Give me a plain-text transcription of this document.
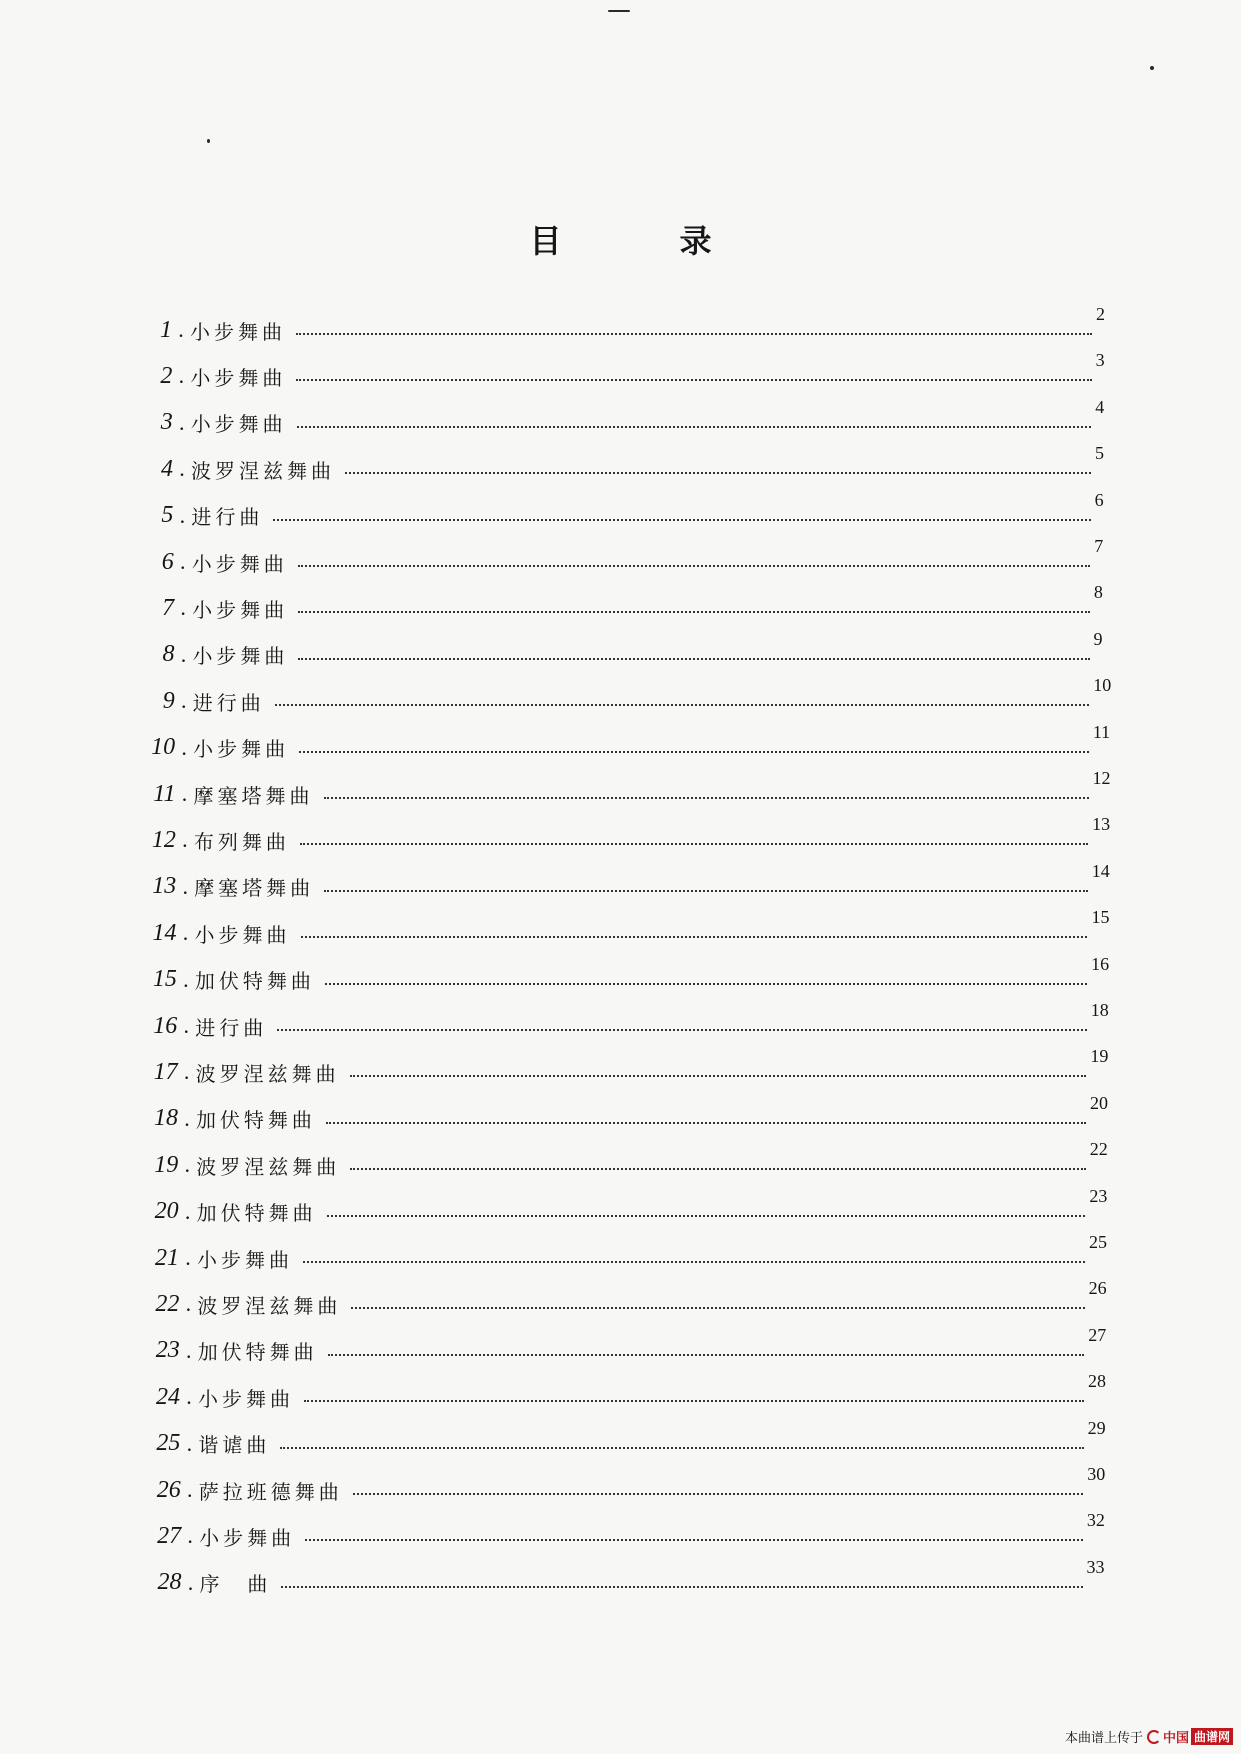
目	录
1 . 小步舞曲
2
2 . 小步舞曲
3
3 . 小步舞曲
4
4 . 波罗涅兹舞曲
5
5 . 进行曲
6
6 . 小步舞曲
7
7 . 小步舞曲
8
8 . 小步舞曲
9
9 . 进行曲
10
10 . 小步舞曲
11
11 . 摩塞塔舞曲
12
12 . 布列舞曲
13
13 . 摩塞塔舞曲
14
14 . 小步舞曲
15
15 . 加伏特舞曲
16
16 . 进行曲
18
17 . 波罗涅兹舞曲
19
18 . 加伏特舞曲
20
19 . 波罗涅兹舞曲
22
20 . 加伏特舞曲
23
21 . 小步舞曲
25
22 . 波罗涅兹舞曲
26
23 . 加伏特舞曲
27
24 . 小步舞曲
28
25 . 谐谑曲
29
26 . 萨拉班德舞曲
30
27 . 小步舞曲
32
28 . 序　曲
33
本曲谱上传于 中国 曲谱网
